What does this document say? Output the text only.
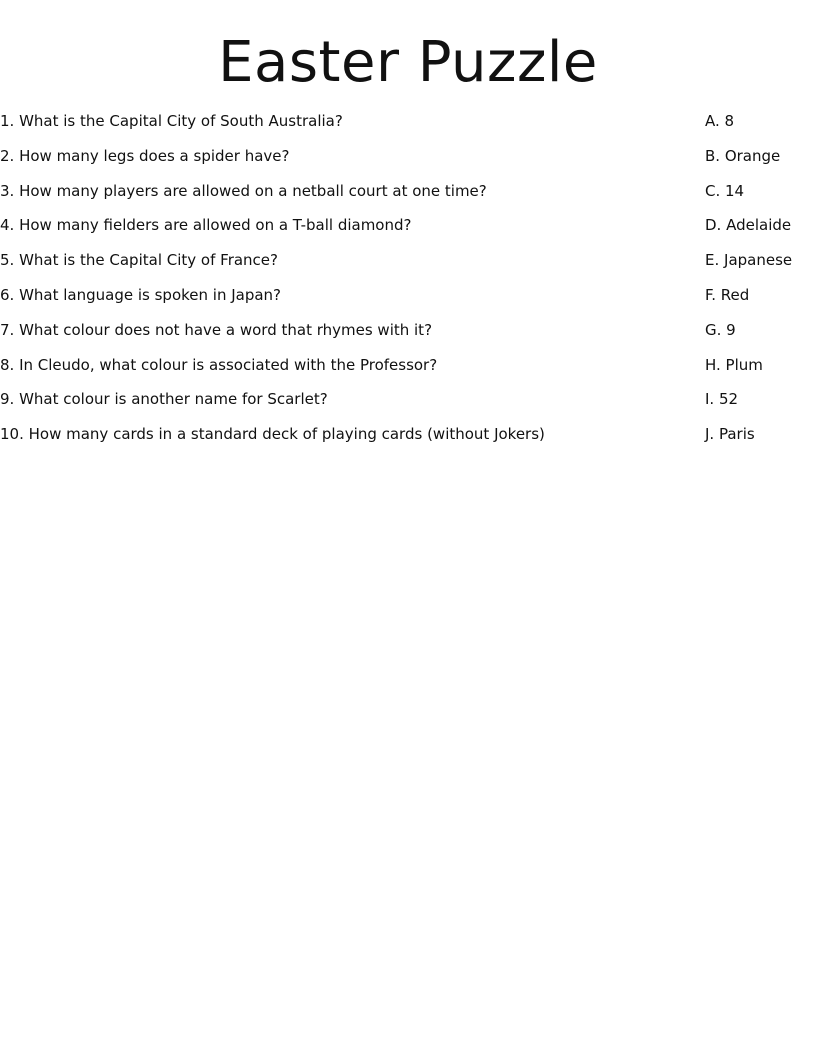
Easter Puzzle
1. What is the Capital City of South Australia?	A. 8
2. How many legs does a spider have?	B. Orange
3. How many players are allowed on a netball court at one time?	C. 14
4. How many fielders are allowed on a T-ball diamond?	D. Adelaide
5. What is the Capital City of France?	E. Japanese
6. What language is spoken in Japan?	F. Red
7. What colour does not have a word that rhymes with it?	G. 9
8. In Cleudo, what colour is associated with the Professor?	H. Plum
9. What colour is another name for Scarlet?	I. 52
10. How many cards in a standard deck of playing cards (without Jokers)	J. Paris
